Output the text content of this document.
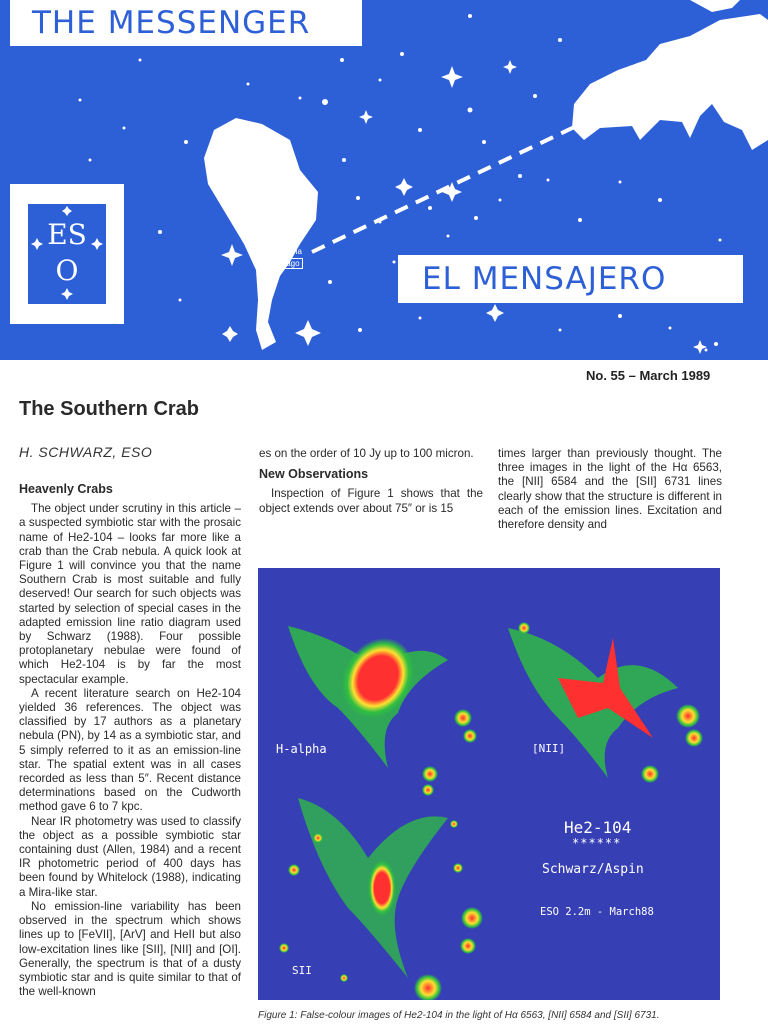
THE MESSENGER
ES
O
La Silla
La Serena
Santiago
Munich
EL MENSAJERO
No. 55 – March 1989
The Southern Crab
H. SCHWARZ, ESO
Heavenly Crabs

The object under scrutiny in this article – a suspected symbiotic star with the prosaic name of He2-104 – looks far more like a crab than the Crab nebula. A quick look at Figure 1 will convince you that the name Southern Crab is most suitable and fully deserved! Our search for such objects was started by selection of special cases in the adapted emission line ratio diagram used by Schwarz (1988). Four possible protoplanetary nebulae were found of which He2-104 is by far the most spectacular example.

A recent literature search on He2-104 yielded 36 references. The object was classified by 17 authors as a planetary nebula (PN), by 14 as a symbiotic star, and 5 simply referred to it as an emission-line star. The spatial extent was in all cases recorded as less than 5″. Recent distance determinations based on the Cudworth method gave 6 to 7 kpc.

Near IR photometry was used to classify the object as a possible symbiotic star containing dust (Allen, 1984) and a recent IR photometric period of 400 days has been found by Whitelock (1988), indicating a Mira-like star.

No emission-line variability has been observed in the spectrum which shows lines up to [FeVII], [ArV] and HeII but also low-excitation lines like [SII], [NII] and [OI]. Generally, the spectrum is that of a dusty symbiotic star and is quite similar to that of the well-known

es on the order of 10 Jy up to 100 micron.

New Observations

Inspection of Figure 1 shows that the object extends over about 75″ or is 15

times larger than previously thought. The three images in the light of the Hα 6563, the [NII] 6584 and the [SII] 6731 lines clearly show that the structure is different in each of the emission lines. Excitation and therefore density and

H-alpha	[NII]
SII
He2-104
******
Schwarz/Aspin
ESO 2.2m - March88
Figure 1: False-colour images of He2-104 in the light of Hα 6563, [NII] 6584 and [SII] 6731.
